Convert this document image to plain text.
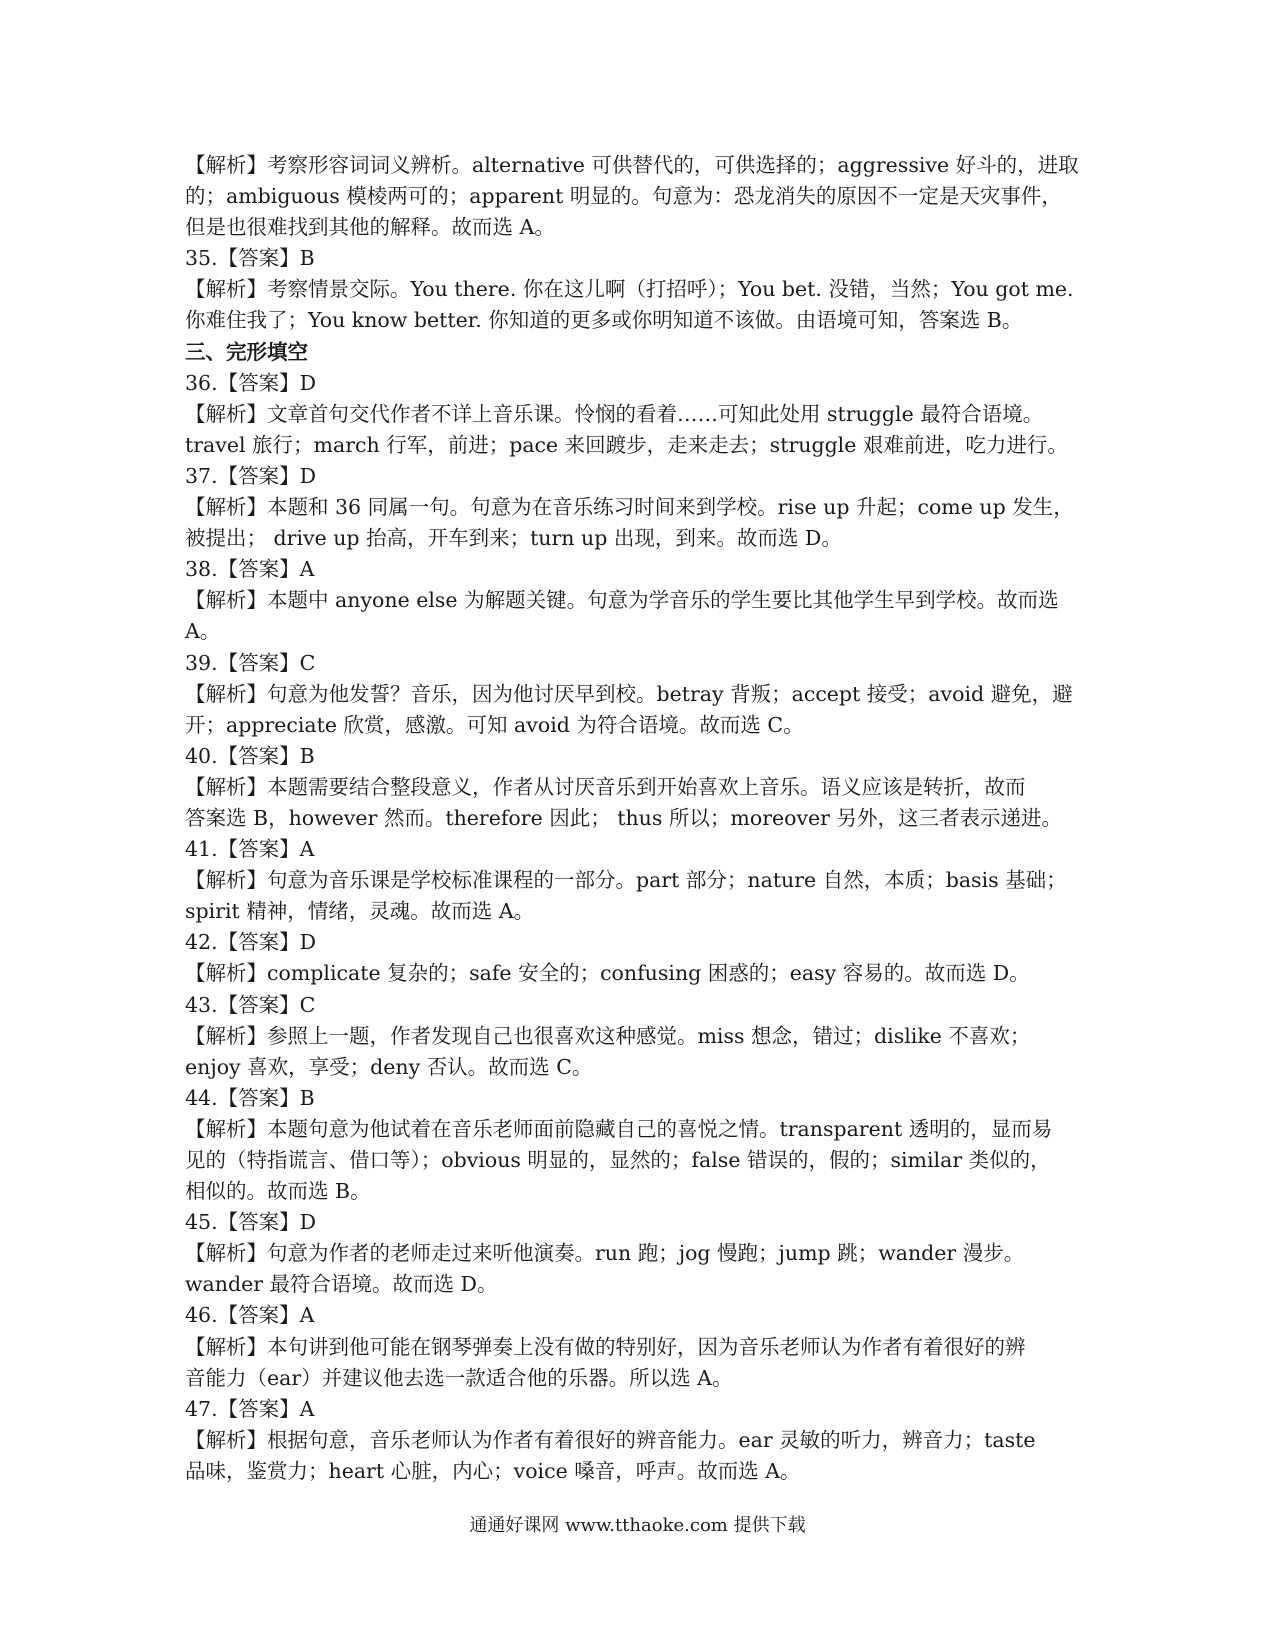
【解析】考察形容词词义辨析。alternative 可供替代的，可供选择的；aggressive 好斗的，进取

的；ambiguous 模棱两可的；apparent 明显的。句意为：恐龙消失的原因不一定是天灾事件，

但是也很难找到其他的解释。故而选 A。

35.【答案】B

【解析】考察情景交际。You there. 你在这儿啊（打招呼）；You bet. 没错，当然；You got me.

你难住我了；You know better. 你知道的更多或你明知道不该做。由语境可知，答案选 B。

三、完形填空

36.【答案】D

【解析】文章首句交代作者不详上音乐课。怜悯的看着……可知此处用 struggle 最符合语境。

travel 旅行；march 行军，前进；pace 来回踱步，走来走去；struggle 艰难前进，吃力进行。

37.【答案】D

【解析】本题和 36 同属一句。句意为在音乐练习时间来到学校。rise up 升起；come up 发生，

被提出； drive up 抬高，开车到来；turn up 出现，到来。故而选 D。

38.【答案】A

【解析】本题中 anyone else 为解题关键。句意为学音乐的学生要比其他学生早到学校。故而选

A。

39.【答案】C

【解析】句意为他发誓？音乐，因为他讨厌早到校。betray 背叛；accept 接受；avoid 避免，避

开；appreciate 欣赏，感激。可知 avoid 为符合语境。故而选 C。

40.【答案】B

【解析】本题需要结合整段意义，作者从讨厌音乐到开始喜欢上音乐。语义应该是转折，故而

答案选 B，however 然而。therefore 因此； thus 所以；moreover 另外，这三者表示递进。

41.【答案】A

【解析】句意为音乐课是学校标准课程的一部分。part 部分；nature 自然，本质；basis 基础；

spirit 精神，情绪，灵魂。故而选 A。

42.【答案】D

【解析】complicate 复杂的；safe 安全的；confusing 困惑的；easy 容易的。故而选 D。

43.【答案】C

【解析】参照上一题，作者发现自己也很喜欢这种感觉。miss 想念，错过；dislike 不喜欢；

enjoy 喜欢，享受；deny 否认。故而选 C。

44.【答案】B

【解析】本题句意为他试着在音乐老师面前隐藏自己的喜悦之情。transparent 透明的，显而易

见的（特指谎言、借口等）；obvious 明显的，显然的；false 错误的，假的；similar 类似的，

相似的。故而选 B。

45.【答案】D

【解析】句意为作者的老师走过来听他演奏。run 跑；jog 慢跑；jump 跳；wander 漫步。

wander 最符合语境。故而选 D。

46.【答案】A

【解析】本句讲到他可能在钢琴弹奏上没有做的特别好，因为音乐老师认为作者有着很好的辨

音能力（ear）并建议他去选一款适合他的乐器。所以选 A。

47.【答案】A

【解析】根据句意，音乐老师认为作者有着很好的辨音能力。ear 灵敏的听力，辨音力；taste

品味，鉴赏力；heart 心脏，内心；voice 嗓音，呼声。故而选 A。

通通好课网 www.tthaoke.com 提供下载
